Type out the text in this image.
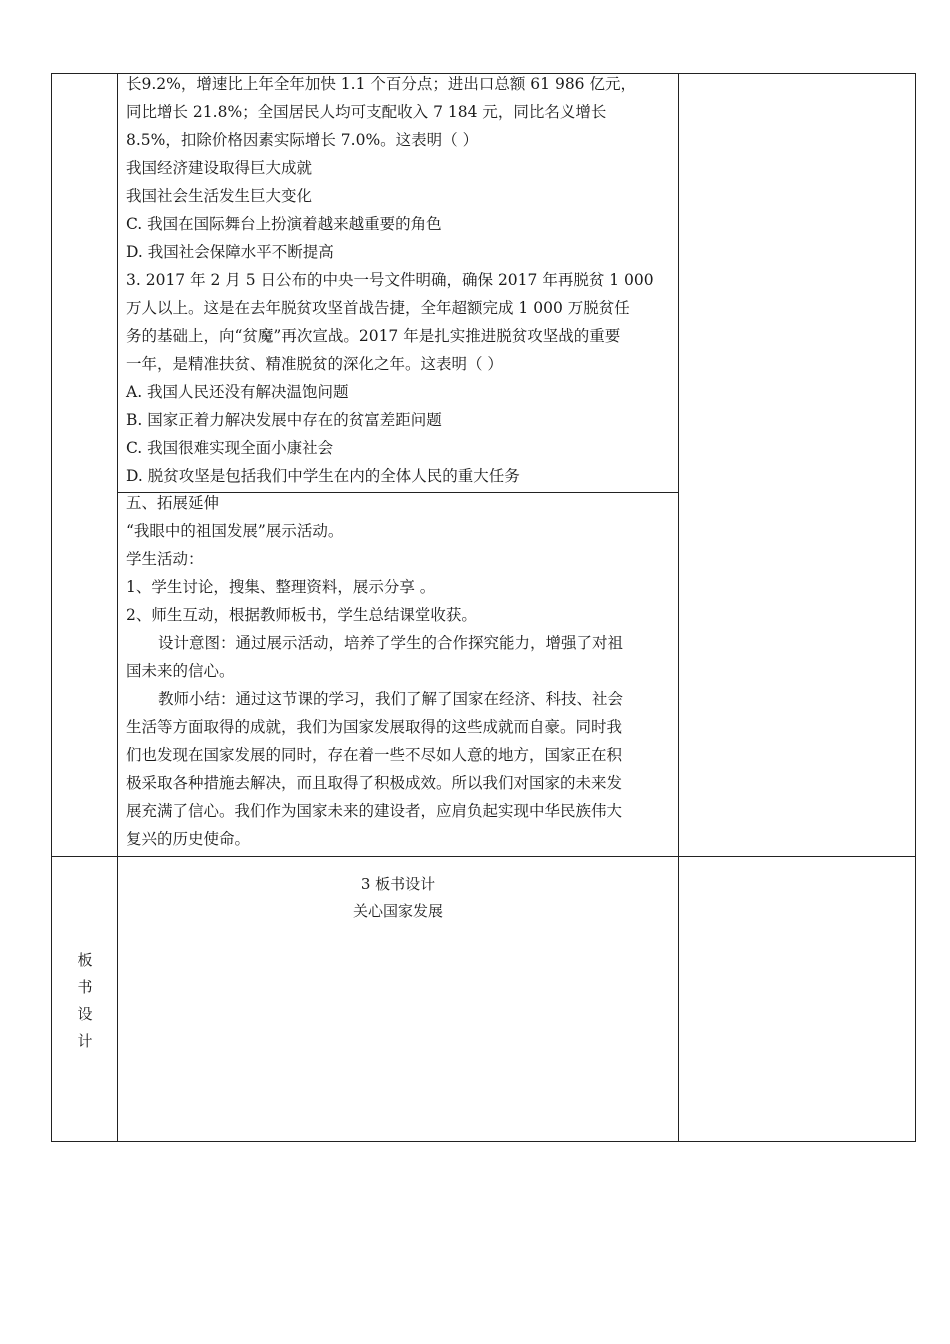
长9.2%，增速比上年全年加快 1.1 个百分点；进出口总额 61 986 亿元，
同比增长 21.8%；全国居民人均可支配收入 7 184 元，同比名义增长
8.5%，扣除价格因素实际增长 7.0%。这表明（ ）
我国经济建设取得巨大成就
我国社会生活发生巨大变化
C. 我国在国际舞台上扮演着越来越重要的角色
D. 我国社会保障水平不断提高
3. 2017 年 2 月 5 日公布的中央一号文件明确，确保 2017 年再脱贫 1 000
万人以上。这是在去年脱贫攻坚首战告捷，全年超额完成 1 000 万脱贫任
务的基础上，向“贫魔”再次宣战。2017 年是扎实推进脱贫攻坚战的重要
一年，是精准扶贫、精准脱贫的深化之年。这表明（ ）
A. 我国人民还没有解决温饱问题
B. 国家正着力解决发展中存在的贫富差距问题
C. 我国很难实现全面小康社会
D. 脱贫攻坚是包括我们中学生在内的全体人民的重大任务
五、拓展延伸
“我眼中的祖国发展”展示活动。
学生活动：
1、学生讨论，搜集、整理资料，展示分享 。
2、师生互动，根据教师板书，学生总结课堂收获。
设计意图：通过展示活动，培养了学生的合作探究能力，增强了对祖
国未来的信心。
教师小结：通过这节课的学习，我们了解了国家在经济、科技、社会
生活等方面取得的成就，我们为国家发展取得的这些成就而自豪。同时我
们也发现在国家发展的同时，存在着一些不尽如人意的地方，国家正在积
极采取各种措施去解决，而且取得了积极成效。所以我们对国家的未来发
展充满了信心。我们作为国家未来的建设者，应肩负起实现中华民族伟大
复兴的历史使命。
板
书
设
计
3 板书设计
关心国家发展
